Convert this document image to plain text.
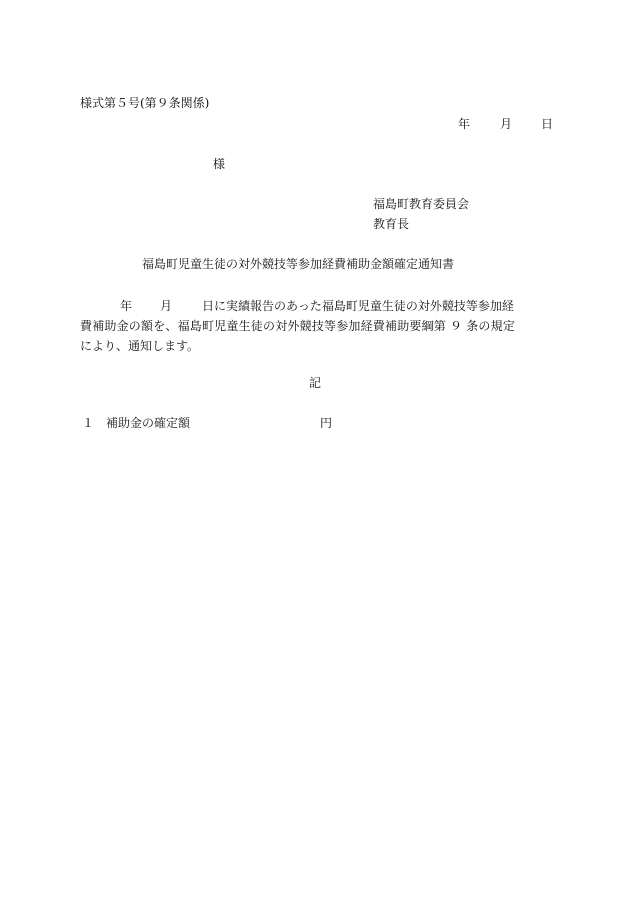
様式第５号(第９条関係)
年 月 日
様
福島町教育委員会
教育長
福島町児童生徒の対外競技等参加経費補助金額確定通知書
年 月 日に実績報告のあった福島町児童生徒の対外競技等参加経
費補助金の額を、福島町児童生徒の対外競技等参加経費補助要綱第 ９ 条の規定
により、通知します。
記
１ 補助金の確定額	円
